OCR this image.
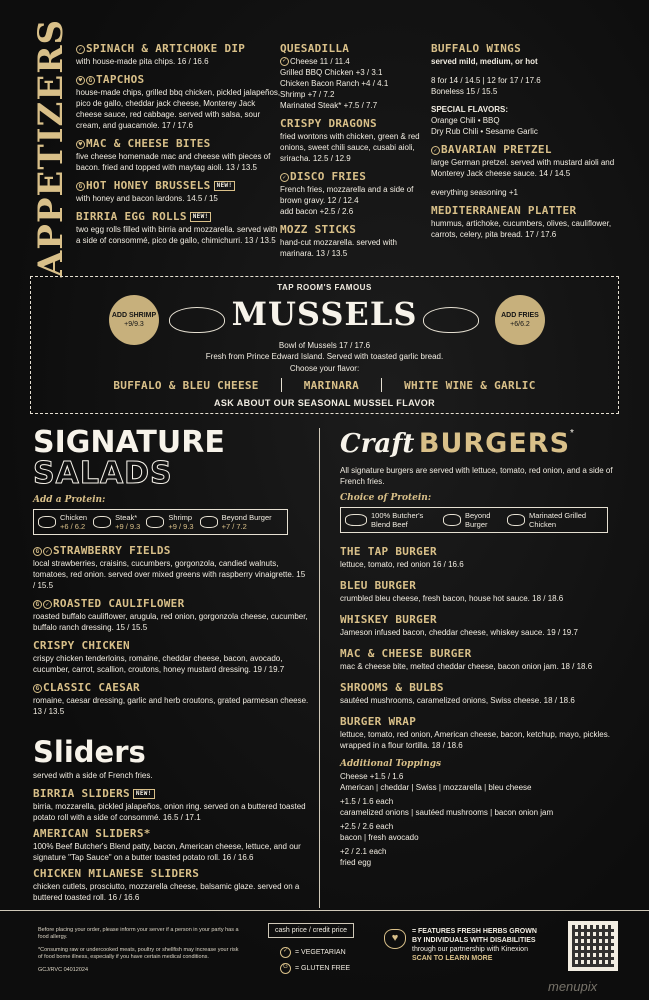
APPETIZERS	✓ SPINACH & ARTICHOKE DIP
with house-made pita chips. 16 / 16.6
♥ G TAPCHOS
house-made chips, grilled bbq chicken, pickled jalapeños, pico de gallo, cheddar jack cheese, Monterey Jack cheese sauce, red cabbage. served with salsa, sour cream, and guacamole. 17 / 17.6
♥ MAC & CHEESE BITES
five cheese homemade mac and cheese with pieces of bacon. fried and topped with maytag aioli. 13 / 13.5
G HOT HONEY BRUSSELS NEW!
with honey and bacon lardons. 14.5 / 15
BIRRIA EGG ROLLS NEW!
two egg rolls filled with birria and mozzarella. served with a side of consommé, pico de gallo, chimichurri. 13 / 13.5
QUESADILLA
✓ Cheese 11 / 11.4
Grilled BBQ Chicken +3 / 3.1
Chicken Bacon Ranch +4 / 4.1
Shrimp +7 / 7.2
Marinated Steak* +7.5 / 7.7
CRISPY DRAGONS
fried wontons with chicken, green & red onions, sweet chili sauce, cusabi aioli, sriracha. 12.5 / 12.9
✓ DISCO FRIES
French fries, mozzarella and a side of brown gravy. 12 / 12.4
add bacon +2.5 / 2.6
MOZZ STICKS
hand-cut mozzarella. served with marinara. 13 / 13.5
BUFFALO WINGS
served mild, medium, or hot
8 for 14 / 14.5 | 12 for 17 / 17.6
Boneless 15 / 15.5
SPECIAL FLAVORS:
Orange Chili • BBQ
Dry Rub Chili • Sesame Garlic
✓ BAVARIAN PRETZEL
large German pretzel. served with mustard aioli and Monterey Jack cheese sauce. 14 / 14.5
everything seasoning +1
MEDITERRANEAN PLATTER
hummus, artichoke, cucumbers, olives, cauliflower, carrots, celery, pita bread. 17 / 17.6
TAP ROOM'S FAMOUS
MUSSELS
ADD SHRIMP
+9/9.3
ADD FRIES
+6/6.2
Bowl of Mussels 17 / 17.6
Fresh from Prince Edward Island. Served with toasted garlic bread.
Choose your flavor:
BUFFALO & BLEU CHEESE	MARINARA	WHITE WINE & GARLIC
ASK ABOUT OUR SEASONAL MUSSEL FLAVOR
SIGNATURE
SALADS
Add a Protein:
Chicken
+6 / 6.2
Steak*
+9 / 9.3
Shrimp
+9 / 9.3
Beyond Burger
+7 / 7.2
G ✓ STRAWBERRY FIELDS
local strawberries, craisins, cucumbers, gorgonzola, candied walnuts, tomatoes, red onion. served over mixed greens with raspberry vinaigrette. 15 / 15.5
G ✓ ROASTED CAULIFLOWER
roasted buffalo cauliflower, arugula, red onion, gorgonzola cheese, cucumber, buffalo ranch dressing. 15 / 15.5
CRISPY CHICKEN
crispy chicken tenderloins, romaine, cheddar cheese, bacon, avocado, cucumber, carrot, scallion, croutons, honey mustard dressing. 19 / 19.7
G CLASSIC CAESAR
romaine, caesar dressing, garlic and herb croutons, grated parmesan cheese. 13 / 13.5
Sliders
served with a side of French fries.
BIRRIA SLIDERS NEW!
birria, mozzarella, pickled jalapeños, onion ring. served on a buttered toasted potato roll with a side of consommé. 16.5 / 17.1
AMERICAN SLIDERS*
100% Beef Butcher's Blend patty, bacon, American cheese, lettuce, and our signature "Tap Sauce" on a butter toasted potato roll. 16 / 16.6
CHICKEN MILANESE SLIDERS
chicken cutlets, prosciutto, mozzarella cheese, balsamic glaze. served on a buttered toasted roll. 16 / 16.6
Craft BURGERS*
All signature burgers are served with lettuce, tomato, red onion, and a side of French fries.
Choice of Protein:
100% Butcher's Blend Beef
Beyond Burger
Marinated Grilled Chicken
THE TAP BURGER
lettuce, tomato, red onion 16 / 16.6
BLEU BURGER
crumbled bleu cheese, fresh bacon, house hot sauce. 18 / 18.6
WHISKEY BURGER
Jameson infused bacon, cheddar cheese, whiskey sauce. 19 / 19.7
MAC & CHEESE BURGER
mac & cheese bite, melted cheddar cheese, bacon onion jam. 18 / 18.6
SHROOMS & BULBS
sautéed mushrooms, caramelized onions, Swiss cheese. 18 / 18.6
BURGER WRAP
lettuce, tomato, red onion, American cheese, bacon, ketchup, mayo, pickles. wrapped in a flour tortilla. 18 / 18.6
Additional Toppings
Cheese +1.5 / 1.6
American | cheddar | Swiss | mozzarella | bleu cheese
+1.5 / 1.6 each
caramelized onions | sautéed mushrooms | bacon onion jam
+2.5 / 2.6 each
bacon | fresh avocado
+2 / 2.1 each
fried egg
Before placing your order, please inform your server if a person in your party has a food allergy.
*Consuming raw or undercooked meats, poultry or shellfish may increase your risk of food borne illness, especially if you have certain medical conditions.
GCJ/RVC 04012024
cash price / credit price
✓ = VEGETARIAN
G	= GLUTEN FREE
♥
= FEATURES FRESH HERBS GROWN
BY INDIVIDUALS WITH DISABILITIES
through our partnership with Kinexion
SCAN TO LEARN MORE
menupix
